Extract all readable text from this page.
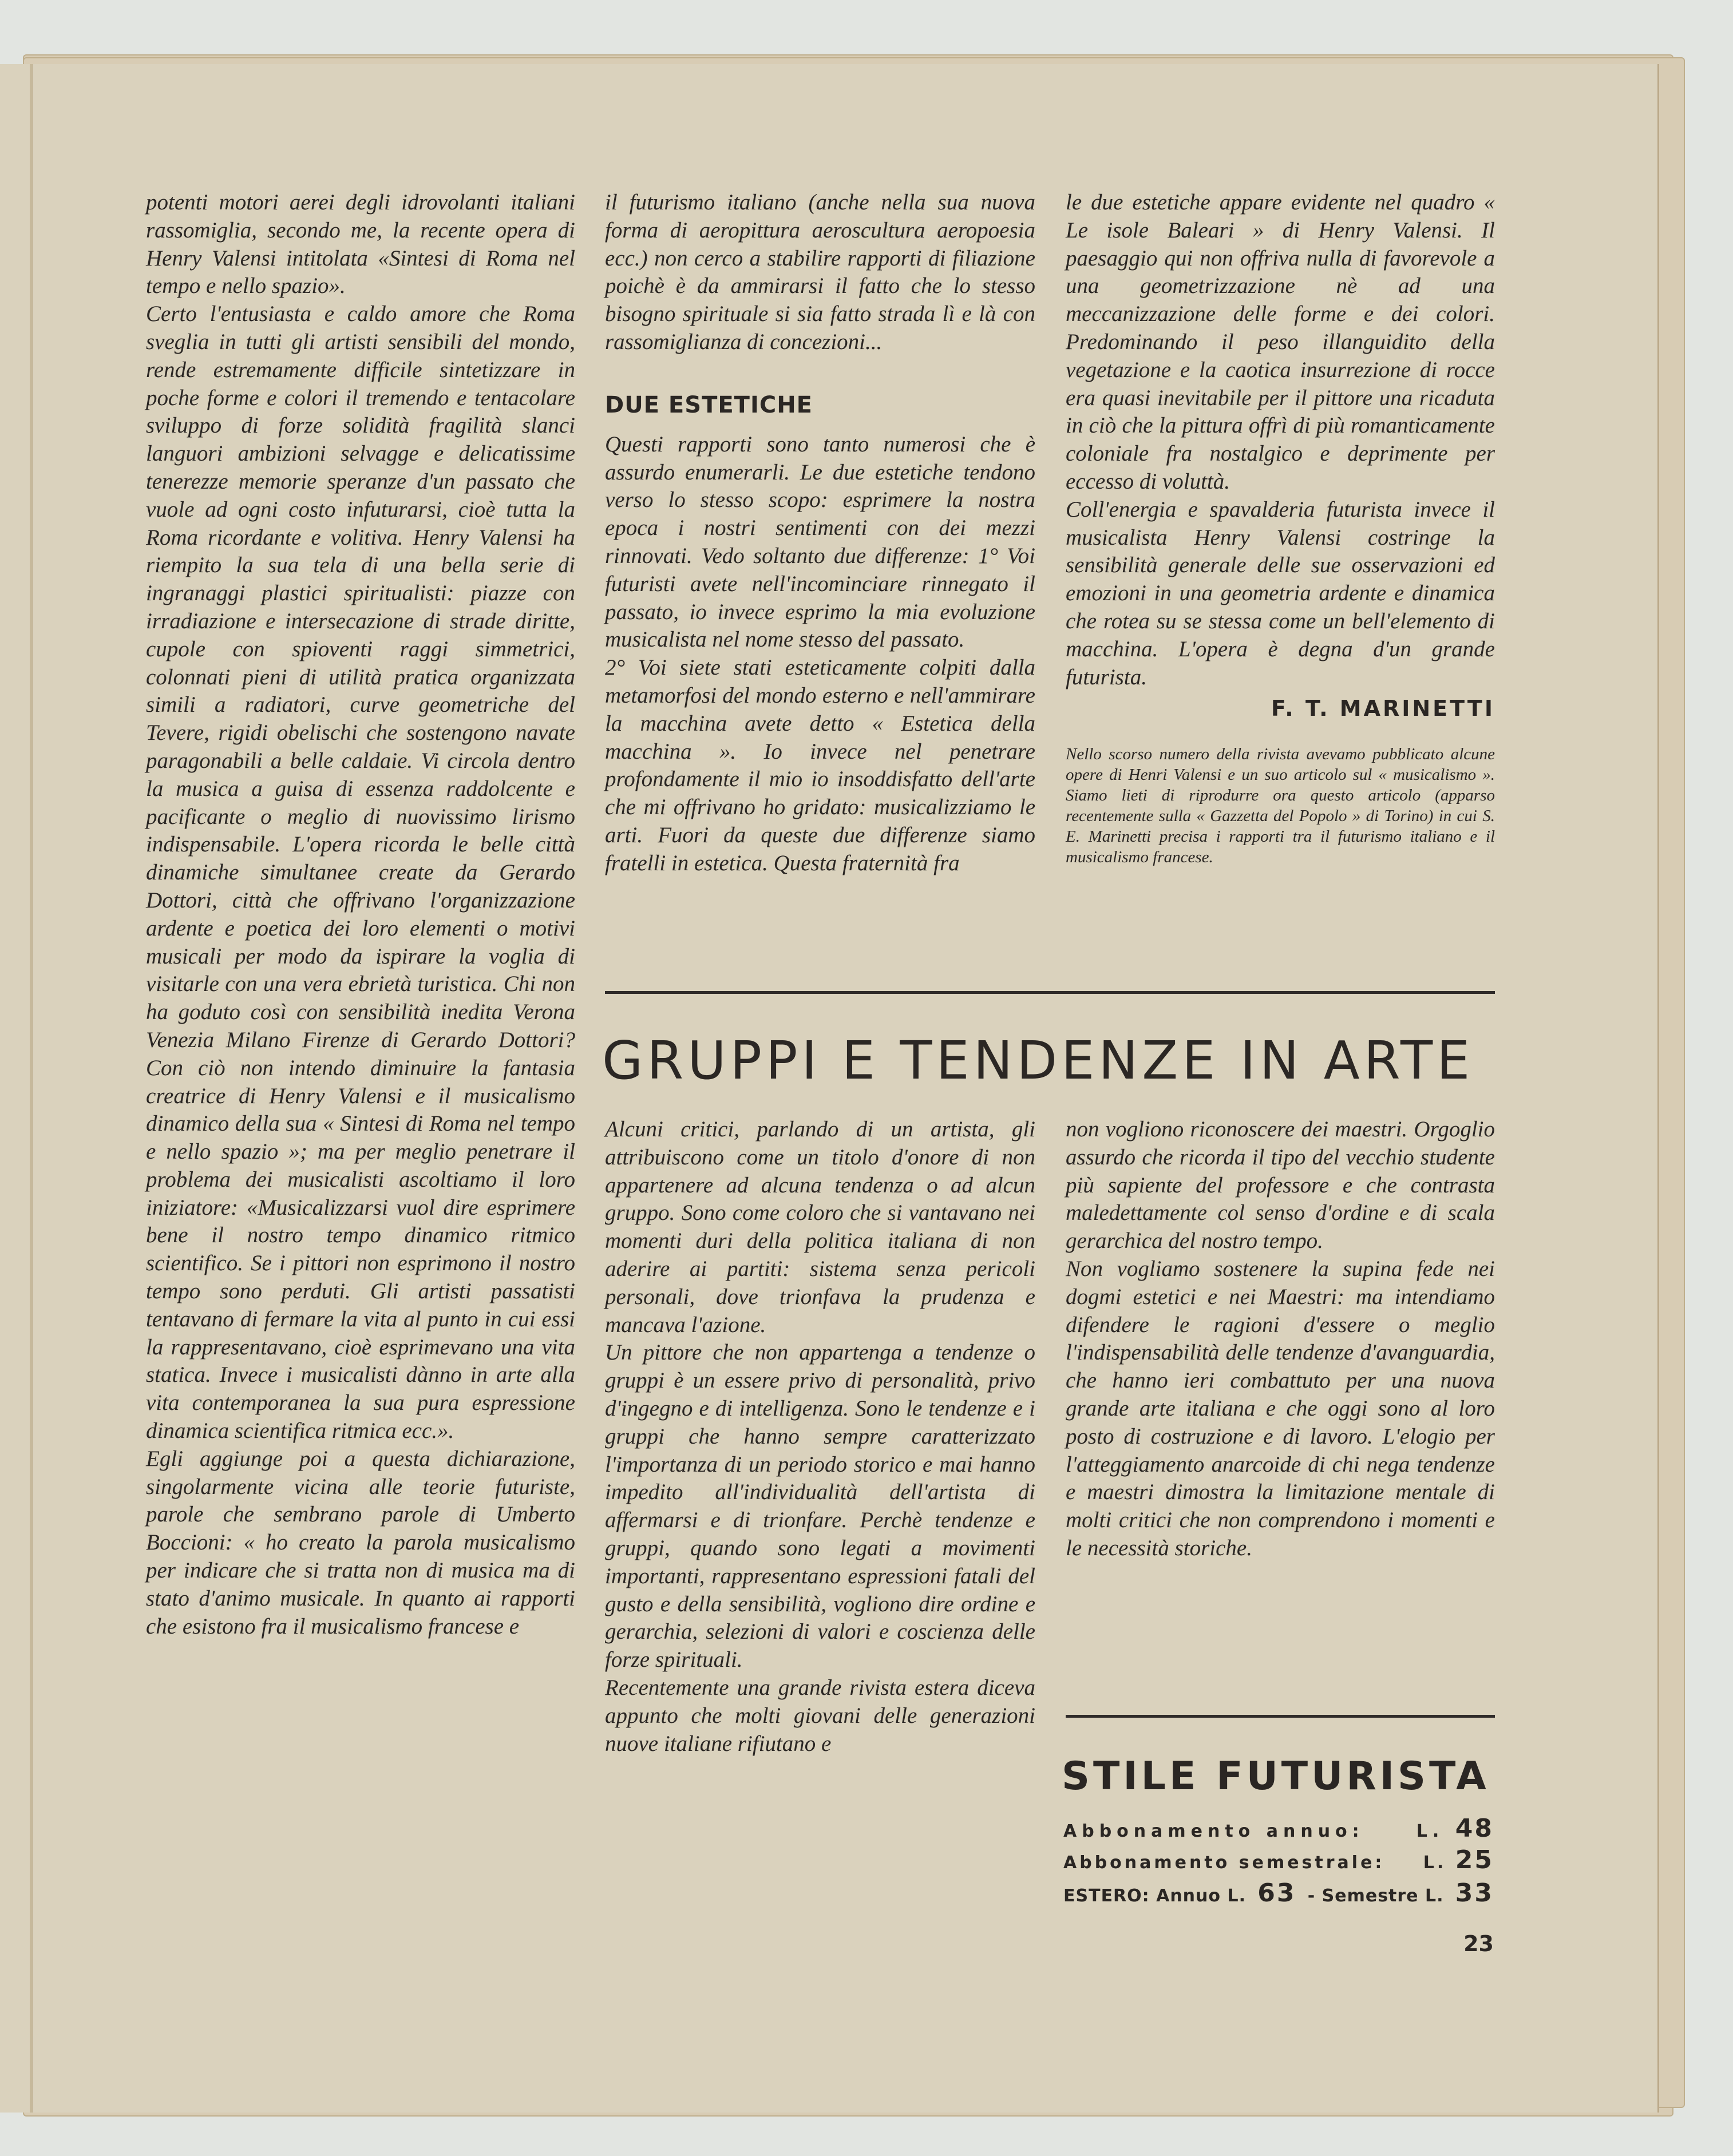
potenti motori aerei degli idrovolanti italiani rassomiglia, secondo me, la recente opera di Henry Valensi intitolata «Sintesi di Roma nel tempo e nello spazio».

Certo l'entusiasta e caldo amore che Roma sveglia in tutti gli artisti sensibili del mondo, rende estremamente difficile sintetizzare in poche forme e colori il tremendo e tentacolare sviluppo di forze solidità fragilità slanci languori ambizioni selvagge e delicatissime tenerezze memorie speranze d'un passato che vuole ad ogni costo infuturarsi, cioè tutta la Roma ricordante e volitiva. Henry Valensi ha riempito la sua tela di una bella serie di ingranaggi plastici spiritualisti: piazze con irradiazione e intersecazione di strade diritte, cupole con spioventi raggi simmetrici, colonnati pieni di utilità pratica organizzata simili a radiatori, curve geometriche del Tevere, rigidi obelischi che sostengono navate paragonabili a belle caldaie. Vi circola dentro la musica a guisa di essenza raddolcente e pacificante o meglio di nuovissimo lirismo indispensabile. L'opera ricorda le belle città dinamiche simultanee create da Gerardo Dottori, città che offrivano l'organizzazione ardente e poetica dei loro elementi o motivi musicali per modo da ispirare la voglia di visitarle con una vera ebrietà turistica. Chi non ha goduto così con sensibilità inedita Verona Venezia Milano Firenze di Gerardo Dottori? Con ciò non intendo diminuire la fantasia creatrice di Henry Valensi e il musicalismo dinamico della sua « Sintesi di Roma nel tempo e nello spazio »; ma per meglio penetrare il problema dei musicalisti ascoltiamo il loro iniziatore: «Musicalizzarsi vuol dire esprimere bene il nostro tempo dinamico ritmico scientifico. Se i pittori non esprimono il nostro tempo sono perduti. Gli artisti passatisti tentavano di fermare la vita al punto in cui essi la rappresentavano, cioè esprimevano una vita statica. Invece i musicalisti dànno in arte alla vita contemporanea la sua pura espressione dinamica scientifica ritmica ecc.».

Egli aggiunge poi a questa dichiarazione, singolarmente vicina alle teorie futuriste, parole che sembrano parole di Umberto Boccioni: « ho creato la parola musicalismo per indicare che si tratta non di musica ma di stato d'animo musicale. In quanto ai rapporti che esistono fra il musicalismo francese e

il futurismo italiano (anche nella sua nuova forma di aeropittura aeroscultura aeropoesia ecc.) non cerco a stabilire rapporti di filiazione poichè è da ammirarsi il fatto che lo stesso bisogno spirituale si sia fatto strada lì e là con rassomiglianza di concezioni...

DUE ESTETICHE

Questi rapporti sono tanto numerosi che è assurdo enumerarli. Le due estetiche tendono verso lo stesso scopo: esprimere la nostra epoca i nostri sentimenti con dei mezzi rinnovati. Vedo soltanto due differenze: 1° Voi futuristi avete nell'incominciare rinnegato il passato, io invece esprimo la mia evoluzione musicalista nel nome stesso del passato.

2° Voi siete stati esteticamente colpiti dalla metamorfosi del mondo esterno e nell'ammirare la macchina avete detto « Estetica della macchina ». Io invece nel penetrare profondamente il mio io insoddisfatto dell'arte che mi offrivano ho gridato: musicalizziamo le arti. Fuori da queste due differenze siamo fratelli in estetica. Questa fraternità fra

le due estetiche appare evidente nel quadro « Le isole Baleari » di Henry Valensi. Il paesaggio qui non offriva nulla di favorevole a una geometrizzazione nè ad una meccanizzazione delle forme e dei colori. Predominando il peso illanguidito della vegetazione e la caotica insurrezione di rocce era quasi inevitabile per il pittore una ricaduta in ciò che la pittura offrì di più romanticamente coloniale fra nostalgico e deprimente per eccesso di voluttà.

Coll'energia e spavalderia futurista invece il musicalista Henry Valensi costringe la sensibilità generale delle sue osservazioni ed emozioni in una geometria ardente e dinamica che rotea su se stessa come un bell'elemento di macchina. L'opera è degna d'un grande futurista.

F. T. MARINETTI

Nello scorso numero della rivista avevamo pubblicato alcune opere di Henri Valensi e un suo articolo sul « musicalismo ». Siamo lieti di riprodurre ora questo articolo (apparso recentemente sulla « Gazzetta del Popolo » di Torino) in cui S. E. Marinetti precisa i rapporti tra il futurismo italiano e il musicalismo francese.

GRUPPI E TENDENZE IN ARTE

Alcuni critici, parlando di un artista, gli attribuiscono come un titolo d'onore di non appartenere ad alcuna tendenza o ad alcun gruppo. Sono come coloro che si vantavano nei momenti duri della politica italiana di non aderire ai partiti: sistema senza pericoli personali, dove trionfava la prudenza e mancava l'azione.

Un pittore che non appartenga a tendenze o gruppi è un essere privo di personalità, privo d'ingegno e di intelligenza. Sono le tendenze e i gruppi che hanno sempre caratterizzato l'importanza di un periodo storico e mai hanno impedito all'individualità dell'artista di affermarsi e di trionfare. Perchè tendenze e gruppi, quando sono legati a movimenti importanti, rappresentano espressioni fatali del gusto e della sensibilità, vogliono dire ordine e gerarchia, selezioni di valori e coscienza delle forze spirituali.

Recentemente una grande rivista estera diceva appunto che molti giovani delle generazioni nuove italiane rifiutano e

non vogliono riconoscere dei maestri. Orgoglio assurdo che ricorda il tipo del vecchio studente più sapiente del professore e che contrasta maledettamente col senso d'ordine e di scala gerarchica del nostro tempo.

Non vogliamo sostenere la supina fede nei dogmi estetici e nei Maestri: ma intendiamo difendere le ragioni d'essere o meglio l'indispensabilità delle tendenze d'avanguardia, che hanno ieri combattuto per una nuova grande arte italiana e che oggi sono al loro posto di costruzione e di lavoro. L'elogio per l'atteggiamento anarcoide di chi nega tendenze e maestri dimostra la limitazione mentale di molti critici che non comprendono i momenti e le necessità storiche.

STILE FUTURISTA
Abbonamento annuo:	L. 48
Abbonamento semestrale: L. 25
ESTERO: Annuo L. 63 - Semestre L. 33
23
